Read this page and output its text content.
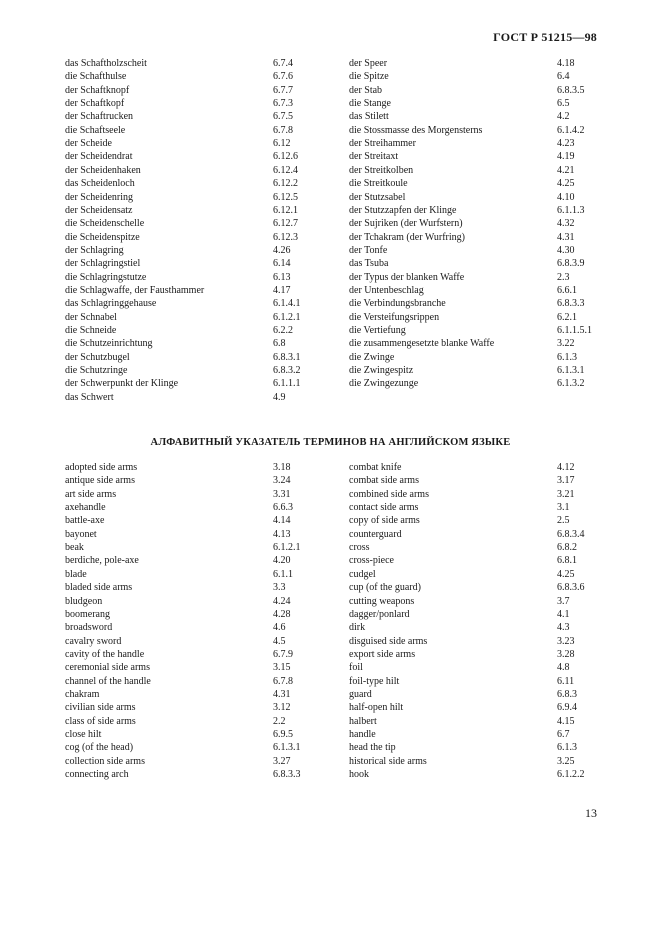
ГОСТ Р 51215—98
das Schaftholzscheit	6.7.4
die Schafthulse	6.7.6
der Schaftknopf	6.7.7
der Schaftkopf	6.7.3
der Schaftrucken	6.7.5
die Schaftseele	6.7.8
der Scheide	6.12
der Scheidendrat	6.12.6
der Scheidenhaken	6.12.4
das Scheidenloch	6.12.2
der Scheidenring	6.12.5
der Scheidensatz	6.12.1
die Scheidenschelle	6.12.7
die Scheidenspitze	6.12.3
der Schlagring	4.26
der Schlagringstiel	6.14
die Schlagringstutze	6.13
die Schlagwaffe, der Fausthammer	4.17
das Schlagringgehause	6.1.4.1
der Schnabel	6.1.2.1
die Schneide	6.2.2
die Schutzeinrichtung	6.8
der Schutzbugel	6.8.3.1
die Schutzringe	6.8.3.2
der Schwerpunkt der Klinge	6.1.1.1
das Schwert	4.9
der Speer	4.18
die Spitze	6.4
der Stab	6.8.3.5
die Stange	6.5
das Stilett	4.2
die Stossmasse des Morgensterns	6.1.4.2
der Streihammer	4.23
der Streitaxt	4.19
der Streitkolben	4.21
die Streitkoule	4.25
der Stutzsabel	4.10
der Stutzzapfen der Klinge	6.1.1.3
der Sujriken (der Wurfstern)	4.32
der Tchakram (der Wurfring)	4.31
der Tonfe	4.30
das Tsuba	6.8.3.9
der Typus der blanken Waffe	2.3
der Untenbeschlag	6.6.1
die Verbindungsbranche	6.8.3.3
die Versteifungsrippen	6.2.1
die Vertiefung	6.1.1.5.1
die zusammengesetzte blanke Waffe	3.22
die Zwinge	6.1.3
die Zwingespitz	6.1.3.1
die Zwingezunge	6.1.3.2
АЛФАВИТНЫЙ УКАЗАТЕЛЬ ТЕРМИНОВ НА АНГЛИЙСКОМ ЯЗЫКЕ
adopted side arms	3.18
antique side arms	3.24
art side arms	3.31
axehandle	6.6.3
battle-axe	4.14
bayonet	4.13
beak	6.1.2.1
berdiche, pole-axe	4.20
blade	6.1.1
bladed side arms	3.3
bludgeon	4.24
boomerang	4.28
broadsword	4.6
cavalry sword	4.5
cavity of the handle	6.7.9
ceremonial side arms	3.15
channel of the handle	6.7.8
chakram	4.31
civilian side arms	3.12
class of side arms	2.2
close hilt	6.9.5
cog (of the head)	6.1.3.1
collection side arms	3.27
connecting arch	6.8.3.3
combat knife	4.12
combat side arms	3.17
combined side arms	3.21
contact side arms	3.1
copy of side arms	2.5
counterguard	6.8.3.4
cross	6.8.2
cross-piece	6.8.1
cudgel	4.25
cup (of the guard)	6.8.3.6
cutting weapons	3.7
dagger/ponlard	4.1
dirk	4.3
disguised side arms	3.23
export side arms	3.28
foil	4.8
foil-type hilt	6.11
guard	6.8.3
half-open hilt	6.9.4
halbert	4.15
handle	6.7
head the tip	6.1.3
historical side arms	3.25
hook	6.1.2.2
13
